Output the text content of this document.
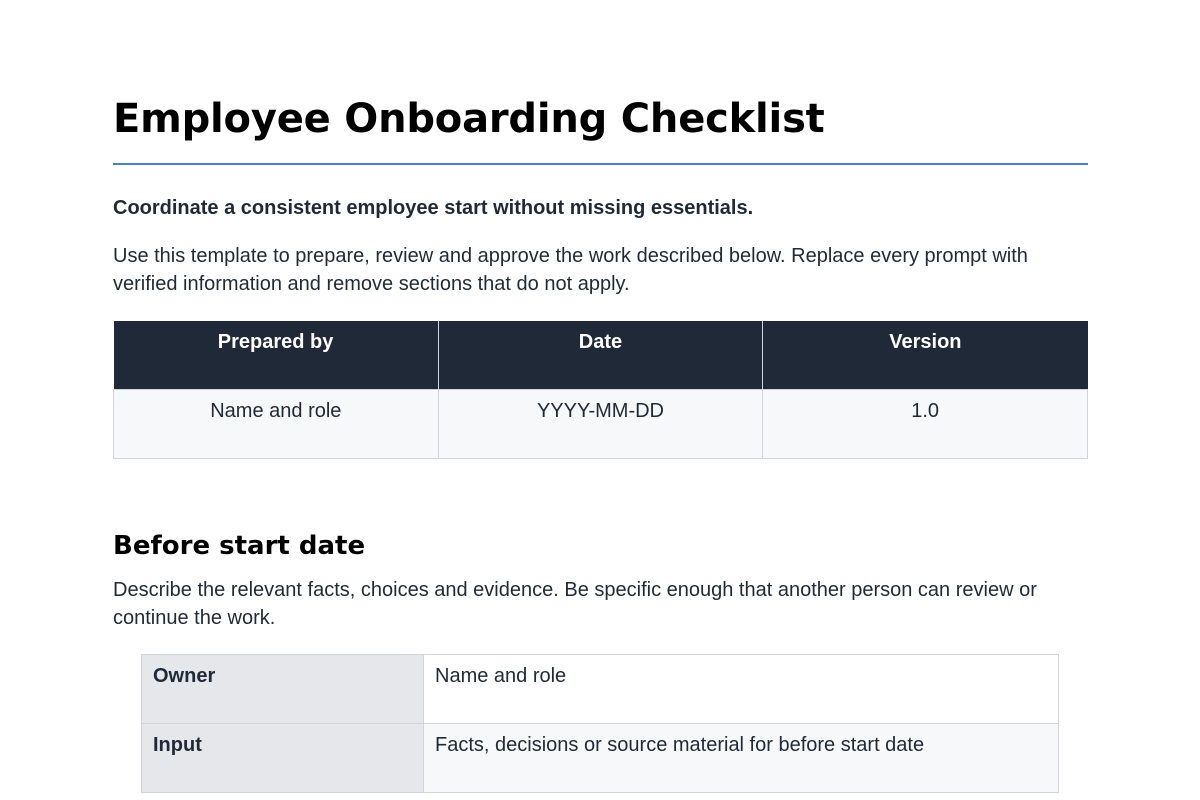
Employee Onboarding Checklist

Coordinate a consistent employee start without missing essentials.

Use this template to prepare, review and approve the work described below. Replace every prompt with verified information and remove sections that do not apply.

Prepared by	Date	Version
Name and role	YYYY-MM-DD	1.0
Before start date

Describe the relevant facts, choices and evidence. Be specific enough that another person can review or continue the work.

Owner	Name and role
Input	Facts, decisions or source material for before start date
